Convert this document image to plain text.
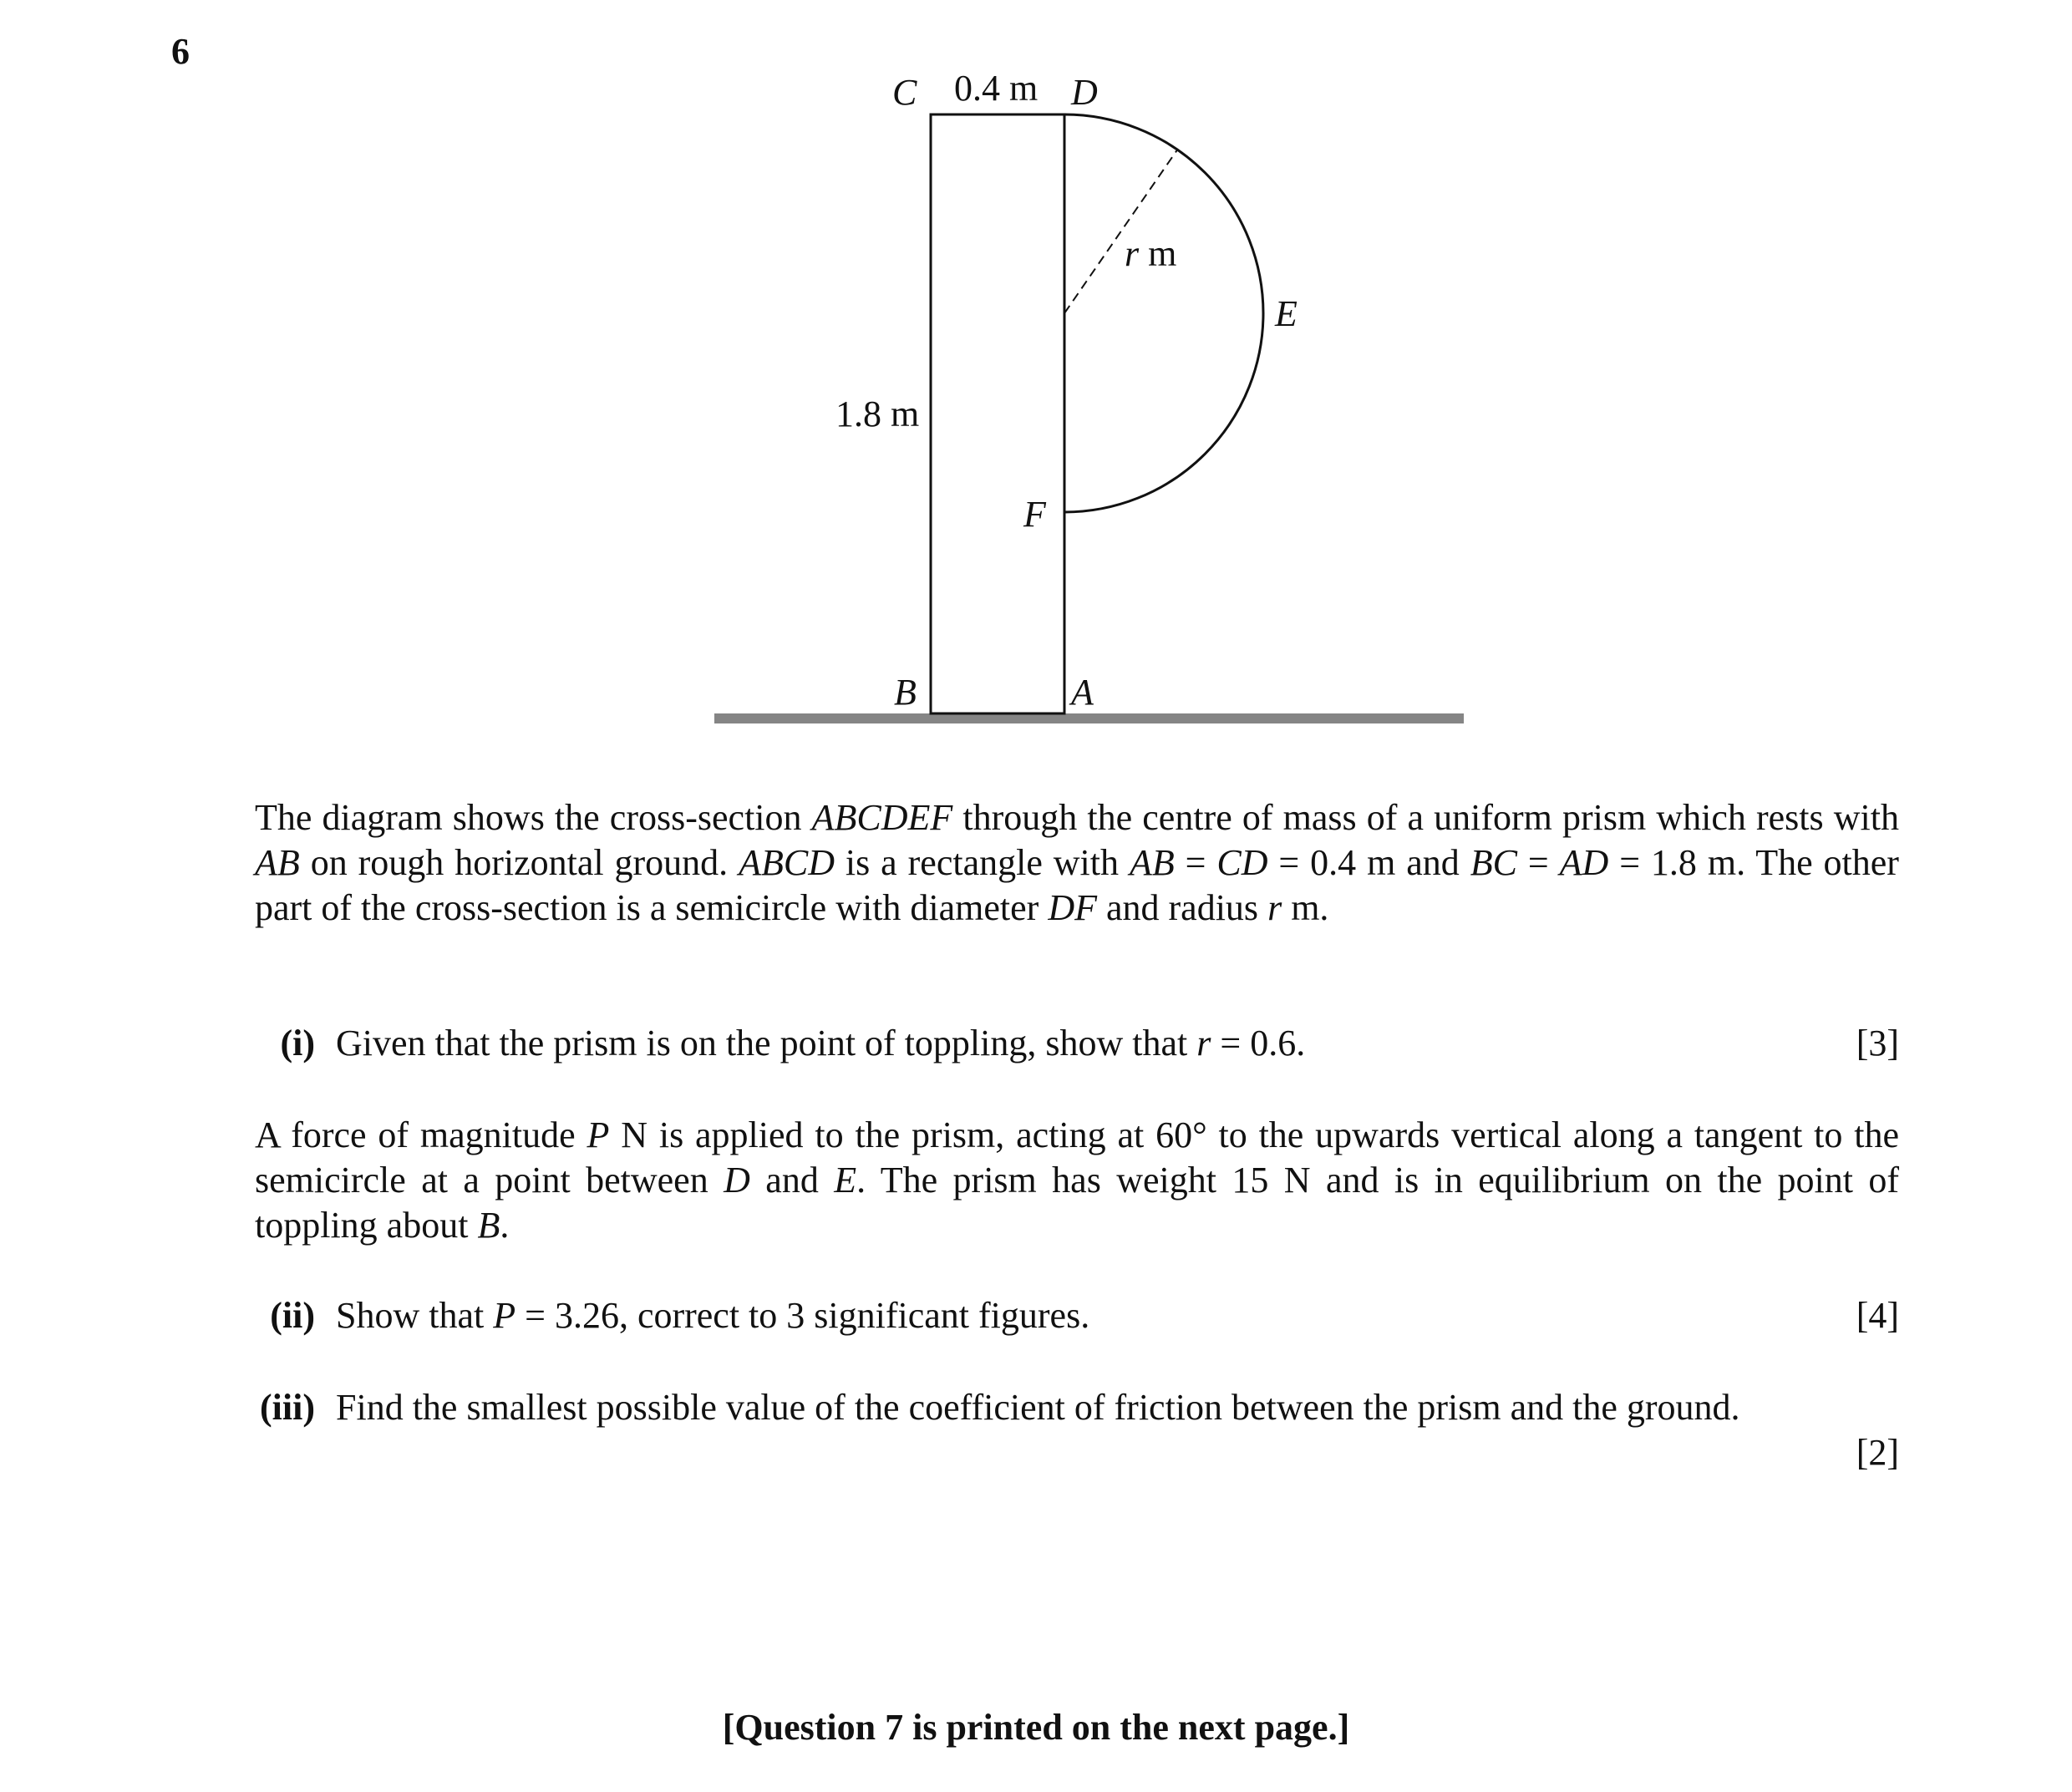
6
C 0.4 m D
r m
E
1.8 m
F
B	A

The diagram shows the cross-section ABCDEF through the centre of mass of a uniform prism which rests with AB on rough horizontal ground. ABCD is a rectangle with AB = CD = 0.4 m and BC = AD = 1.8 m. The other part of the cross-section is a semicircle with diameter DF and radius r m.

(i) Given that the prism is on the point of toppling, show that r = 0.6.	[3]

A force of magnitude P N is applied to the prism, acting at 60° to the upwards vertical along a tangent to the semicircle at a point between D and E. The prism has weight 15 N and is in equilibrium on the point of toppling about B.

(ii) Show that P = 3.26, correct to 3 significant figures.	[4]
(iii) Find the smallest possible value of the coefficient of friction between the prism and the ground.
[2]
[Question 7 is printed on the next page.]
